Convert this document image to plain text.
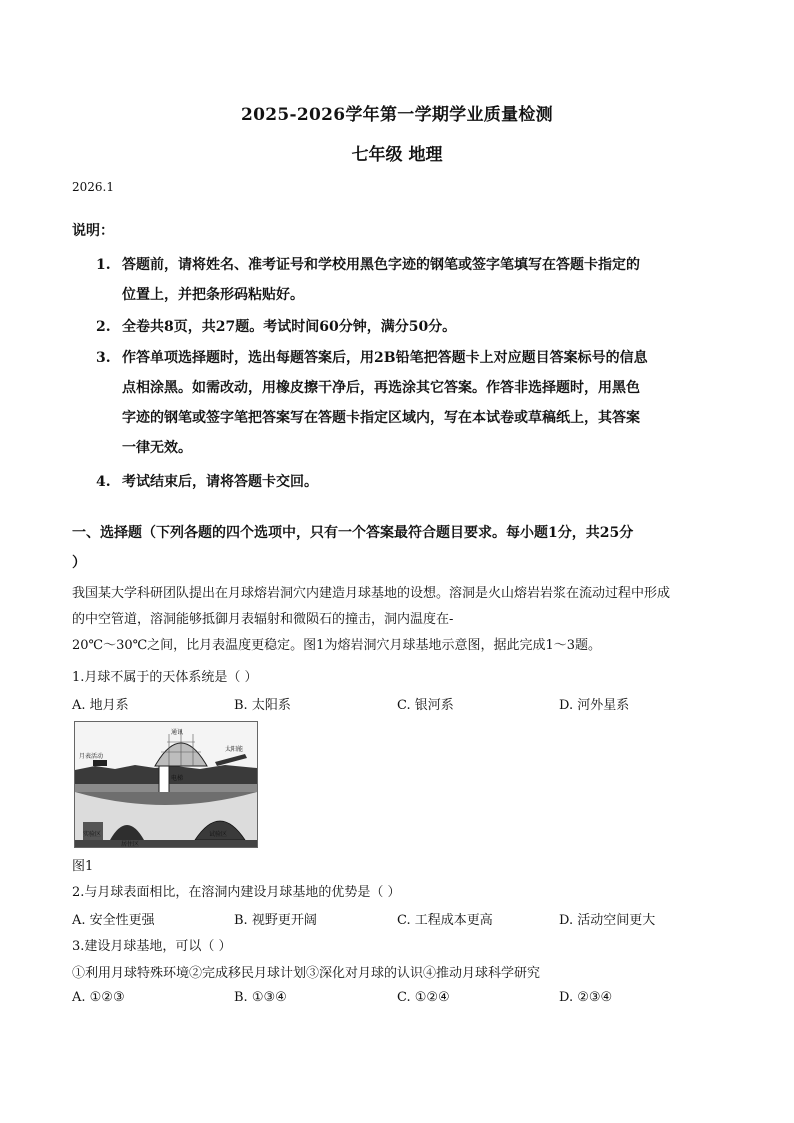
2025-2026学年第一学期学业质量检测
七年级 地理
2026.1
说明：
1. 答题前，请将姓名、准考证号和学校用黑色字迹的钢笔或签字笔填写在答题卡指定的
位置上，并把条形码粘贴好。
2. 全卷共8页，共27题。考试时间60分钟，满分50分。
3. 作答单项选择题时，选出每题答案后，用2B铅笔把答题卡上对应题目答案标号的信息
点相涂黑。如需改动，用橡皮擦干净后，再选涂其它答案。作答非选择题时，用黑色
字迹的钢笔或签字笔把答案写在答题卡指定区域内，写在本试卷或草稿纸上，其答案
一律无效。
4. 考试结束后，请将答题卡交回。
一、选择题（下列各题的四个选项中，只有一个答案最符合题目要求。每小题1分，共25分
）
我国某大学科研团队提出在月球熔岩洞穴内建造月球基地的设想。溶洞是火山熔岩岩浆在流动过程中形成
的中空管道，溶洞能够抵御月表辐射和微陨石的撞击，洞内温度在-
20℃～30℃之间，比月表温度更稳定。图1为熔岩洞穴月球基地示意图，据此完成1～3题。
1.月球不属于的天体系统是（ ）
A. 地月系	B. 太阳系	C. 银河系	D. 河外星系
月表活动
通讯
太阳能
电梯
实验区
居住区
试验区
图1
2.与月球表面相比，在溶洞内建设月球基地的优势是（ ）
A. 安全性更强	B. 视野更开阔	C. 工程成本更高	D. 活动空间更大
3.建设月球基地，可以（ ）
①利用月球特殊环境②完成移民月球计划③深化对月球的认识④推动月球科学研究
A. ①②③	B. ①③④	C. ①②④	D. ②③④
